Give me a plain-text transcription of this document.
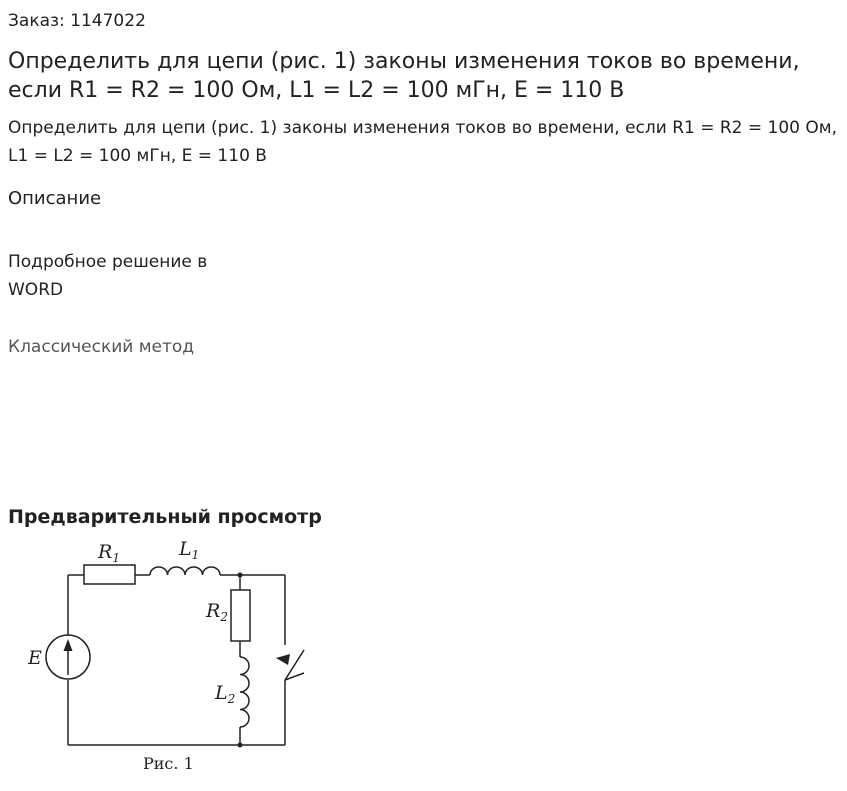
Заказ: 1147022
Определить для цепи (рис. 1) законы изменения токов во времени, если R1 = R2 = 100 Ом, L1 = L2 = 100 мГн, E = 110 В
Определить для цепи (рис. 1) законы изменения токов во времени, если R1 = R2 = 100 Ом, L1 = L2 = 100 мГн, E = 110 В
Описание
Подробное решение в WORD
Классический метод
Предварительный просмотр
$R_1$	$L_1$
$R_2$
$L_2$
E
Рис. 1
